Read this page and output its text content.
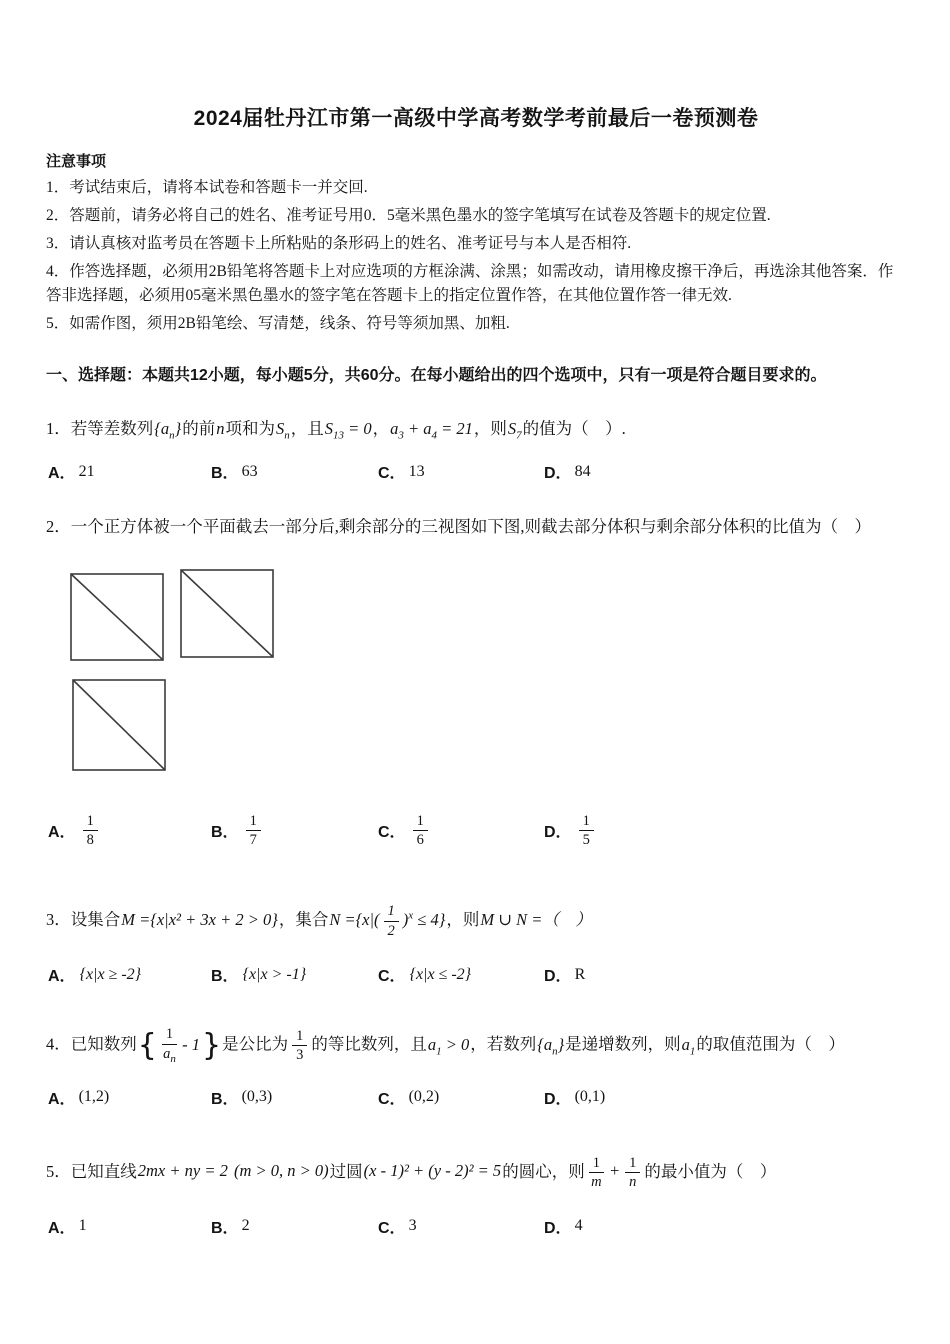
2024届牡丹江市第一高级中学高考数学考前最后一卷预测卷
注意事项

1．考试结束后，请将本试卷和答题卡一并交回.

2．答题前，请务必将自己的姓名、准考证号用0．5毫米黑色墨水的签字笔填写在试卷及答题卡的规定位置.

3．请认真核对监考员在答题卡上所粘贴的条形码上的姓名、准考证号与本人是否相符.

4．作答选择题，必须用2B铅笔将答题卡上对应选项的方框涂满、涂黑；如需改动，请用橡皮擦干净后，再选涂其他答案．作答非选择题，必须用05毫米黑色墨水的签字笔在答题卡上的指定位置作答，在其他位置作答一律无效.

5．如需作图，须用2B铅笔绘、写清楚，线条、符号等须加黑、加粗.

一、选择题：本题共12小题，每小题5分，共60分。在每小题给出的四个选项中，只有一项是符合题目要求的。

1．若等差数列$\{a_n\}$的前n项和为$S_n$，且$S_{13} = 0$，$a_3 + a_4 = 21$，则$S_7$的值为（　）.

A． 21	B． 63	C． 13	D． 84

2．一个正方体被一个平面截去一部分后,剩余部分的三视图如下图,则截去部分体积与剩余部分体积的比值为（　）

A． $\frac{1}{8}$	B． $\frac{1}{7}$	C． $\frac{1}{6}$	D． $\frac{1}{5}$

3．设集合M ={x|x² + 3x + 2 > 0}，集合$N =\{x|( \frac{1}{2} )^x \le 4\}$，则M ∪ N =（　）

A． {x|x ≥ -2}	B． {x|x > -1}	C． {x|x ≤ -2}	D． R

4．已知数列{ $\frac{1}{a_n} - 1$}是公比为 $\frac{1}{3}$ 的等比数列，且$a_1 > 0$，若数列$\{a_n\}$是递增数列，则$a_1$的取值范围为（　）

A． (1,2)	B． (0,3)	C． (0,2)	D． (0,1)

5．已知直线2mx + ny = 2 (m > 0, n > 0)过圆(x - 1)² + (y - 2)² = 5的圆心，则 $\frac{1}{m} + \frac{1}{n}$ 的最小值为（　）

A． 1	B． 2	C． 3	D． 4
